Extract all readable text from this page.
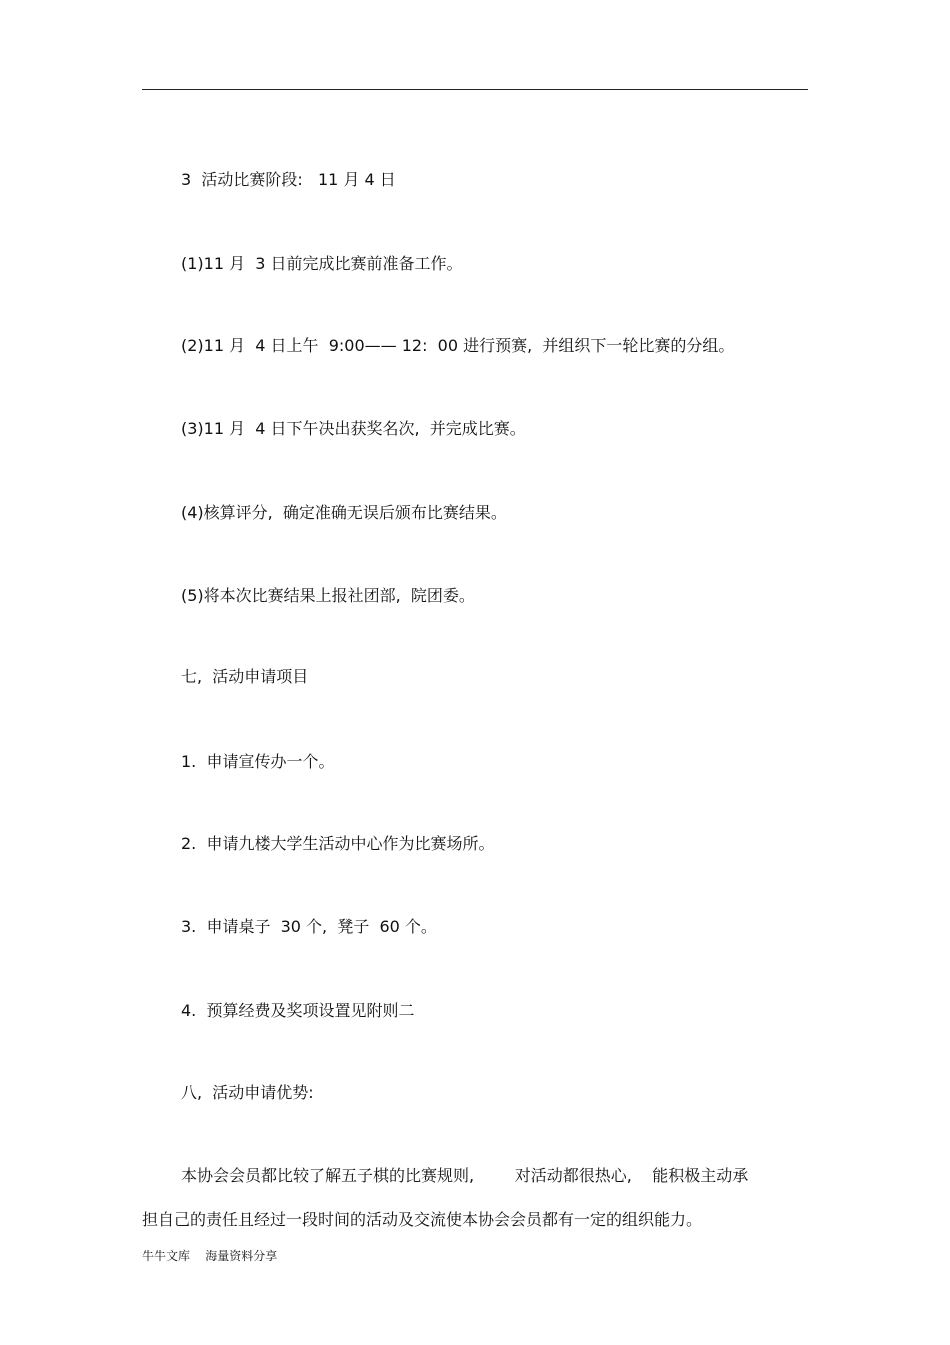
3  活动比赛阶段:   11 月 4 日

(1)11 月  3 日前完成比赛前准备工作。

(2)11 月  4 日上午  9:00—— 12:  00 进行预赛,  并组织下一轮比赛的分组。

(3)11 月  4 日下午决出获奖名次,  并完成比赛。

(4)核算评分,  确定准确无误后颁布比赛结果。

(5)将本次比赛结果上报社团部,  院团委。

七,  活动申请项目

1.  申请宣传办一个。

2.  申请九楼大学生活动中心作为比赛场所。

3.  申请桌子  30 个,  凳子  60 个。

4.  预算经费及奖项设置见附则二

八,  活动申请优势:

本协会会员都比较了解五子棋的比赛规则,        对活动都很热心,    能积极主动承
担自己的责任且经过一段时间的活动及交流使本协会会员都有一定的组织能力。
牛牛文库    海量资料分享
